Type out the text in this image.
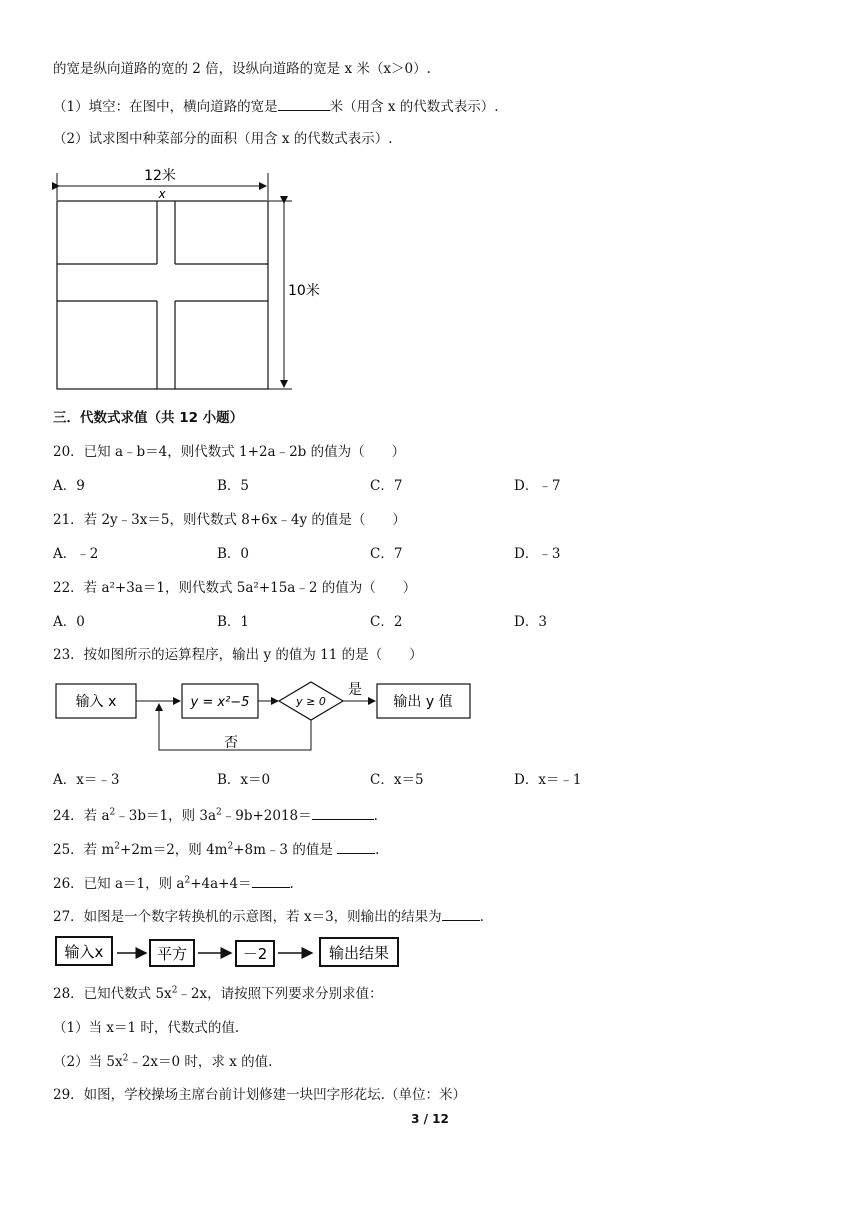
的宽是纵向道路的宽的 2 倍，设纵向道路的宽是 x 米（x＞0）.
（1）填空：在图中，横向道路的宽是	米（用含 x 的代数式表示）.
（2）试求图中种菜部分的面积（用含 x 的代数式表示）.
12米
x
10米
三．代数式求值（共 12 小题）
20．已知 a﹣b＝4，则代数式 1+2a﹣2b 的值为（　　）
A．9	B．5	C．7	D．﹣7
21．若 2y﹣3x＝5，则代数式 8+6x﹣4y 的值是（　　）
A．﹣2	B．0	C．7	D．﹣3
22．若 a²+3a＝1，则代数式 5a²+15a﹣2 的值为（　　）
A．0	B．1	C．2	D．3
23．按如图所示的运算程序，输出 y 的值为 11 的是（　　）
输入 x	y = x²−5	y ≥ 0
是
输出 y 值
否
A．x＝﹣3	B．x＝0	C．x＝5	D．x＝﹣1
24．若 $a^2﹣3b=1$，则 $3a^2﹣9b+2018=$	.
25．若 $m^2+2m=2$，则 $4m^2+8m﹣3$ 的值是	.
26．已知 a＝1，则 $a^2+4a+4=$	.
27．如图是一个数字转换机的示意图，若 x＝3，则输出的结果为	.
输入x	平方	－2	输出结果
28．已知代数式 $5x^2﹣2x$，请按照下列要求分别求值：
（1）当 x＝1 时，代数式的值.
（2）当 $5x^2﹣2x=0$ 时，求 x 的值.
29．如图，学校操场主席台前计划修建一块凹字形花坛.（单位：米）
3 / 12
